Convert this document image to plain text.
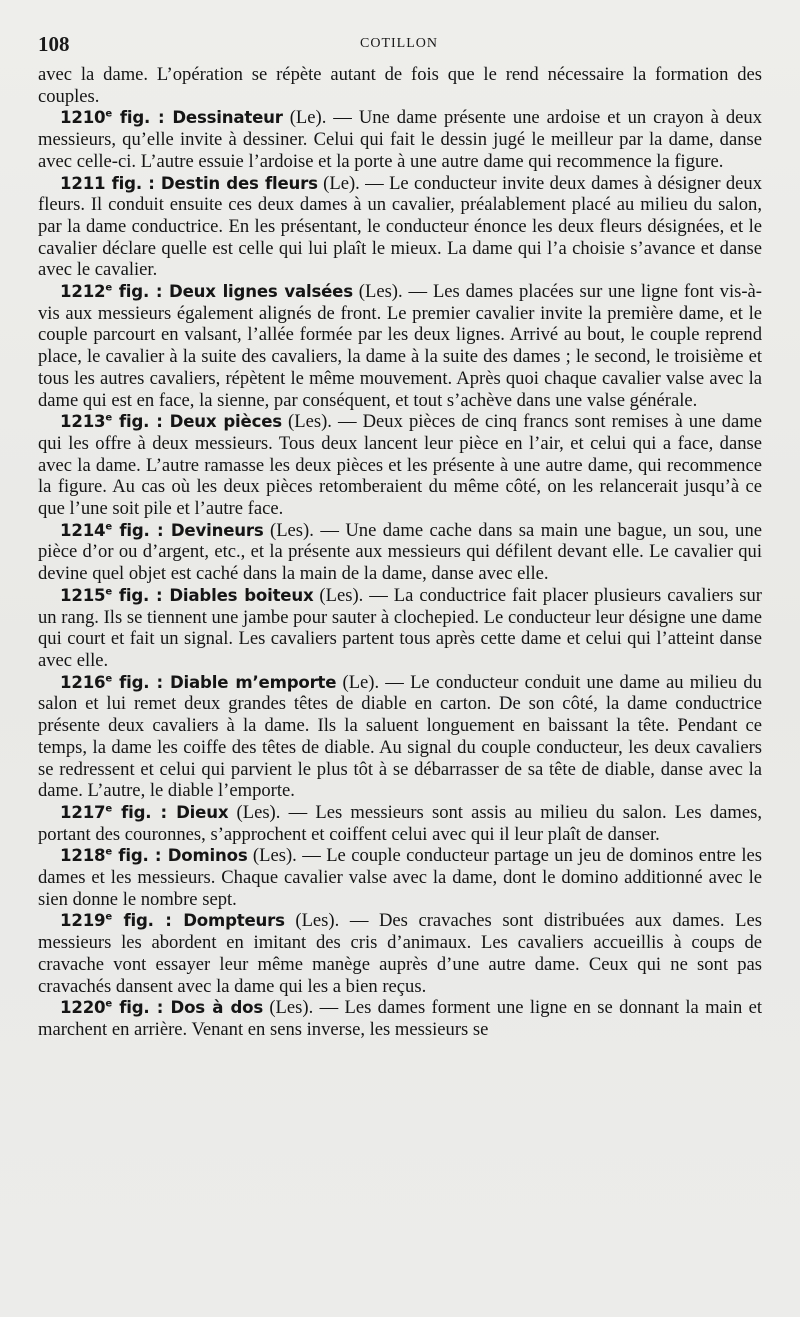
108	COTILLON

avec la dame. L’opération se répète autant de fois que le rend nécessaire la formation des couples.

1210e fig. : Dessinateur (Le). — Une dame présente une ardoise et un crayon à deux messieurs, qu’elle invite à dessiner. Celui qui fait le dessin jugé le meilleur par la dame, danse avec celle-ci. L’autre essuie l’ardoise et la porte à une autre dame qui recommence la figure.

1211 fig. : Destin des fleurs (Le). — Le conducteur invite deux dames à désigner deux fleurs. Il conduit ensuite ces deux dames à un cavalier, préalablement placé au milieu du salon, par la dame conductrice. En les présentant, le conducteur énonce les deux fleurs désignées, et le cavalier déclare quelle est celle qui lui plaît le mieux. La dame qui l’a choisie s’avance et danse avec le cavalier.

1212e fig. : Deux lignes valsées (Les). — Les dames placées sur une ligne font vis-à-vis aux messieurs également alignés de front. Le premier cavalier invite la première dame, et le couple parcourt en valsant, l’allée formée par les deux lignes. Arrivé au bout, le couple reprend place, le cavalier à la suite des cavaliers, la dame à la suite des dames ; le second, le troisième et tous les autres cavaliers, répètent le même mouvement. Après quoi chaque cavalier valse avec la dame qui est en face, la sienne, par conséquent, et tout s’achève dans une valse générale.

1213e fig. : Deux pièces (Les). — Deux pièces de cinq francs sont remises à une dame qui les offre à deux messieurs. Tous deux lancent leur pièce en l’air, et celui qui a face, danse avec la dame. L’autre ramasse les deux pièces et les présente à une autre dame, qui recommence la figure. Au cas où les deux pièces retomberaient du même côté, on les relancerait jusqu’à ce que l’une soit pile et l’autre face.

1214e fig. : Devineurs (Les). — Une dame cache dans sa main une bague, un sou, une pièce d’or ou d’argent, etc., et la présente aux messieurs qui défilent devant elle. Le cavalier qui devine quel objet est caché dans la main de la dame, danse avec elle.

1215e fig. : Diables boiteux (Les). — La conductrice fait placer plusieurs cavaliers sur un rang. Ils se tiennent une jambe pour sauter à clochepied. Le conducteur leur désigne une dame qui court et fait un signal. Les cavaliers partent tous après cette dame et celui qui l’atteint danse avec elle.

1216e fig. : Diable m’emporte (Le). — Le conducteur conduit une dame au milieu du salon et lui remet deux grandes têtes de diable en carton. De son côté, la dame conductrice présente deux cavaliers à la dame. Ils la saluent longuement en baissant la tête. Pendant ce temps, la dame les coiffe des têtes de diable. Au signal du couple conducteur, les deux cavaliers se redressent et celui qui parvient le plus tôt à se débarrasser de sa tête de diable, danse avec la dame. L’autre, le diable l’emporte.

1217e fig. : Dieux (Les). — Les messieurs sont assis au milieu du salon. Les dames, portant des couronnes, s’approchent et coiffent celui avec qui il leur plaît de danser.

1218e fig. : Dominos (Les). — Le couple conducteur partage un jeu de dominos entre les dames et les messieurs. Chaque cavalier valse avec la dame, dont le domino additionné avec le sien donne le nombre sept.

1219e fig. : Dompteurs (Les). — Des cravaches sont distribuées aux dames. Les messieurs les abordent en imitant des cris d’animaux. Les cavaliers accueillis à coups de cravache vont essayer leur même manège auprès d’une autre dame. Ceux qui ne sont pas cravachés dansent avec la dame qui les a bien reçus.

1220e fig. : Dos à dos (Les). — Les dames forment une ligne en se donnant la main et marchent en arrière. Venant en sens inverse, les messieurs se
